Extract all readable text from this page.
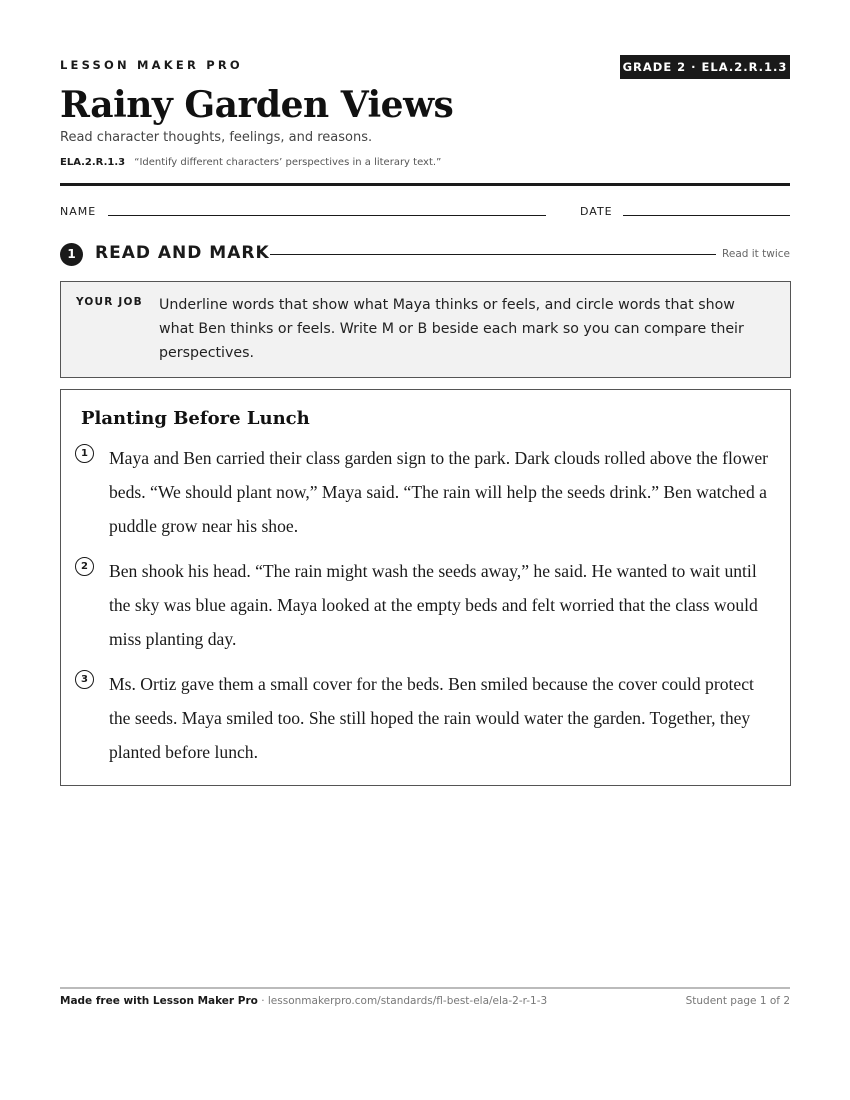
LESSON MAKER PRO	GRADE 2 · ELA.2.R.1.3
Rainy Garden Views
Read character thoughts, feelings, and reasons.
ELA.2.R.1.3 “Identify different characters’ perspectives in a literary text.”
NAME	DATE
1	READ AND MARK	Read it twice
YOUR JOB Underline words that show what Maya thinks or feels, and circle words that show what Ben thinks or feels. Write M or B beside each mark so you can compare their perspectives.
Planting Before Lunch
1	Maya and Ben carried their class garden sign to the park. Dark clouds rolled above the flower beds. “We should plant now,” Maya said. “The rain will help the seeds drink.” Ben watched a puddle grow near his shoe.
2	Ben shook his head. “The rain might wash the seeds away,” he said. He wanted to wait until the sky was blue again. Maya looked at the empty beds and felt worried that the class would miss planting day.
3	Ms. Ortiz gave them a small cover for the beds. Ben smiled because the cover could protect the seeds. Maya smiled too. She still hoped the rain would water the garden. Together, they planted before lunch.
Made free with Lesson Maker Pro · lessonmakerpro.com/standards/fl-best-ela/ela-2-r-1-3	Student page 1 of 2
